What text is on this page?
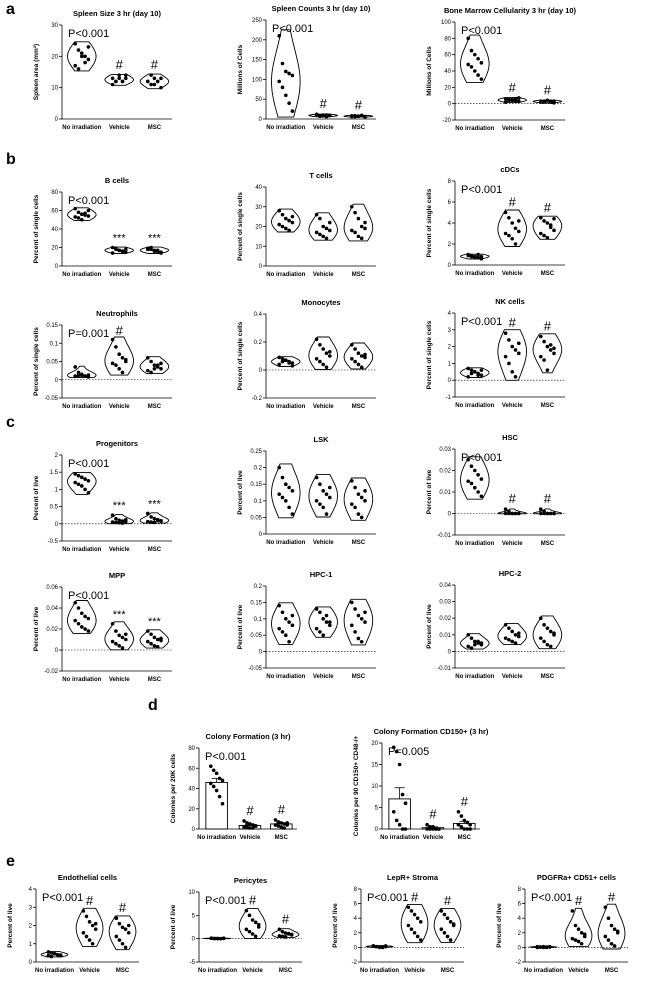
a
b
c
d
e
Spleen Size 3 hr (day 10)
0
10
20
30
Spleen area (mm²)
No irradiation Vehicle	MSC
P<0.001
# #
Spleen Counts 3 hr (day 10)
0
50
100
150
200
250
Millions of Cells
No irradiation Vehicle	MSC
P<0.001
# #
Bone Marrow Cellularity 3 hr (day 10)
-20
0
20
40
60
80
100
Millions of Cells
No irradiation Vehicle	MSC
P<0.001
# #
B cells
0
20
40
60
80
Percent of single cells
No irradiation Vehicle	MSC
P<0.001
*** ***
T cells
0
10
20
30
40
Percent of single cells
No irradiation Vehicle	MSC
cDCs
0
2
4
6
8
Percent of single cells
No irradiation Vehicle	MSC
P<0.001
# #
Neutrophils
-0.05
0
0.05
0.1
0.15
Percent of single cells
No irradiation Vehicle	MSC
P=0.001 #
Monocytes
-0.2
0
0.2
0.4
Percent of single cells
No irradiation Vehicle	MSC
NK cells
-1
0
1
2
3
4
Percent of single cells
No irradiation Vehicle	MSC
P<0.001 # #
Progenitors
-0.5
0
0.5
1
1.5
2
Percent of live
No irradiation Vehicle	MSC
P<0.001
*** ***
LSK
0
0.05
0.1
0.15
0.2
0.25
Percent of live
No irradiation Vehicle	MSC
HSC
-0.01
0
0.01
0.02
0.03
Percent of live
No irradiation Vehicle	MSC
P<0.001
# #
MPP
-0.02
0
0.02
0.04
0.06
Percent of live
No irradiation Vehicle	MSC
P<0.001
***
***
HPC-1
-0.05
0
0.05
0.1
0.15
0.2
Percent of live
No irradiation Vehicle	MSC
HPC-2
-0.01
0
0.01
0.02
0.03
0.04
Percent of live
No irradiation Vehicle	MSC
Colony Formation (3 hr)
0
20
40
60
80
Colonies per 20K cells
No irradiation Vehicle MSC
P<0.001
# #
Colony Formation CD150+ (3 hr)
0
5
10
15
20
Colonies per 90 CD150+ CD48-/+
No irradiation Vehicle MSC
P=0.005
#
#
Endothelial cells
0
1
2
3
4
Percent of live
No irradiation Vehicle	MSC
P<0.001 # #
Pericytes
-5
0
5
10
Percent of live
No irradiation Vehicle	MSC
P<0.001 #
#
LepR+ Stroma
-2
0
2
4
6
8
Percent of live
No irradiation Vehicle	MSC
P<0.001 # #
PDGFRa+ CD51+ cells
-2
0
2
4
6
8
Percent of live
No irradiation Vehicle	MSC
P<0.001 # #
